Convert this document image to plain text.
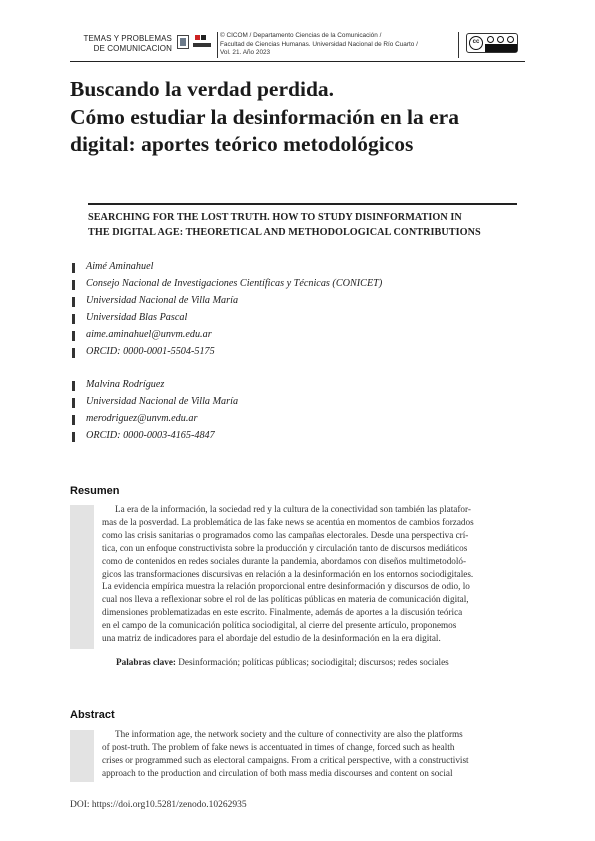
TEMAS Y PROBLEMAS
DE COMUNICACION
© CICOM / Departamento Ciencias de la Comunicación /
Facultad de Ciencias Humanas. Universidad Nacional de Río Cuarto /
Vol. 21. Año 2023
cc
Buscando la verdad perdida.
Cómo estudiar la desinformación en la era
digital: aportes teórico metodológicos
SEARCHING FOR THE LOST TRUTH. HOW TO STUDY DISINFORMATION IN
THE DIGITAL AGE: THEORETICAL AND METHODOLOGICAL CONTRIBUTIONS
Aimé Aminahuel
Consejo Nacional de Investigaciones Científicas y Técnicas (CONICET)
Universidad Nacional de Villa María
Universidad Blas Pascal
aime.aminahuel@unvm.edu.ar
ORCID: 0000-0001-5504-5175
Malvina Rodríguez
Universidad Nacional de Villa María
merodriguez@unvm.edu.ar
ORCID: 0000-0003-4165-4847
Resumen
La era de la información, la sociedad red y la cultura de la conectividad son también las platafor-
mas de la posverdad. La problemática de las fake news se acentúa en momentos de cambios forzados
como las crisis sanitarias o programados como las campañas electorales. Desde una perspectiva crí-
tica, con un enfoque constructivista sobre la producción y circulación tanto de discursos mediáticos
como de contenidos en redes sociales durante la pandemia, abordamos con diseños multimetodoló-
gicos las transformaciones discursivas en relación a la desinformación en los entornos sociodigitales.
La evidencia empírica muestra la relación proporcional entre desinformación y discursos de odio, lo
cual nos lleva a reflexionar sobre el rol de las políticas públicas en materia de comunicación digital,
dimensiones problematizadas en este escrito. Finalmente, además de aportes a la discusión teórica
en el campo de la comunicación política sociodigital, al cierre del presente artículo, proponemos
una matriz de indicadores para el abordaje del estudio de la desinformación en la era digital.
Palabras clave: Desinformación; políticas públicas; sociodigital; discursos; redes sociales
Abstract
The information age, the network society and the culture of connectivity are also the platforms
of post-truth. The problem of fake news is accentuated in times of change, forced such as health
crises or programmed such as electoral campaigns. From a critical perspective, with a constructivist
approach to the production and circulation of both mass media discourses and content on social
DOI: https://doi.org10.5281/zenodo.10262935
